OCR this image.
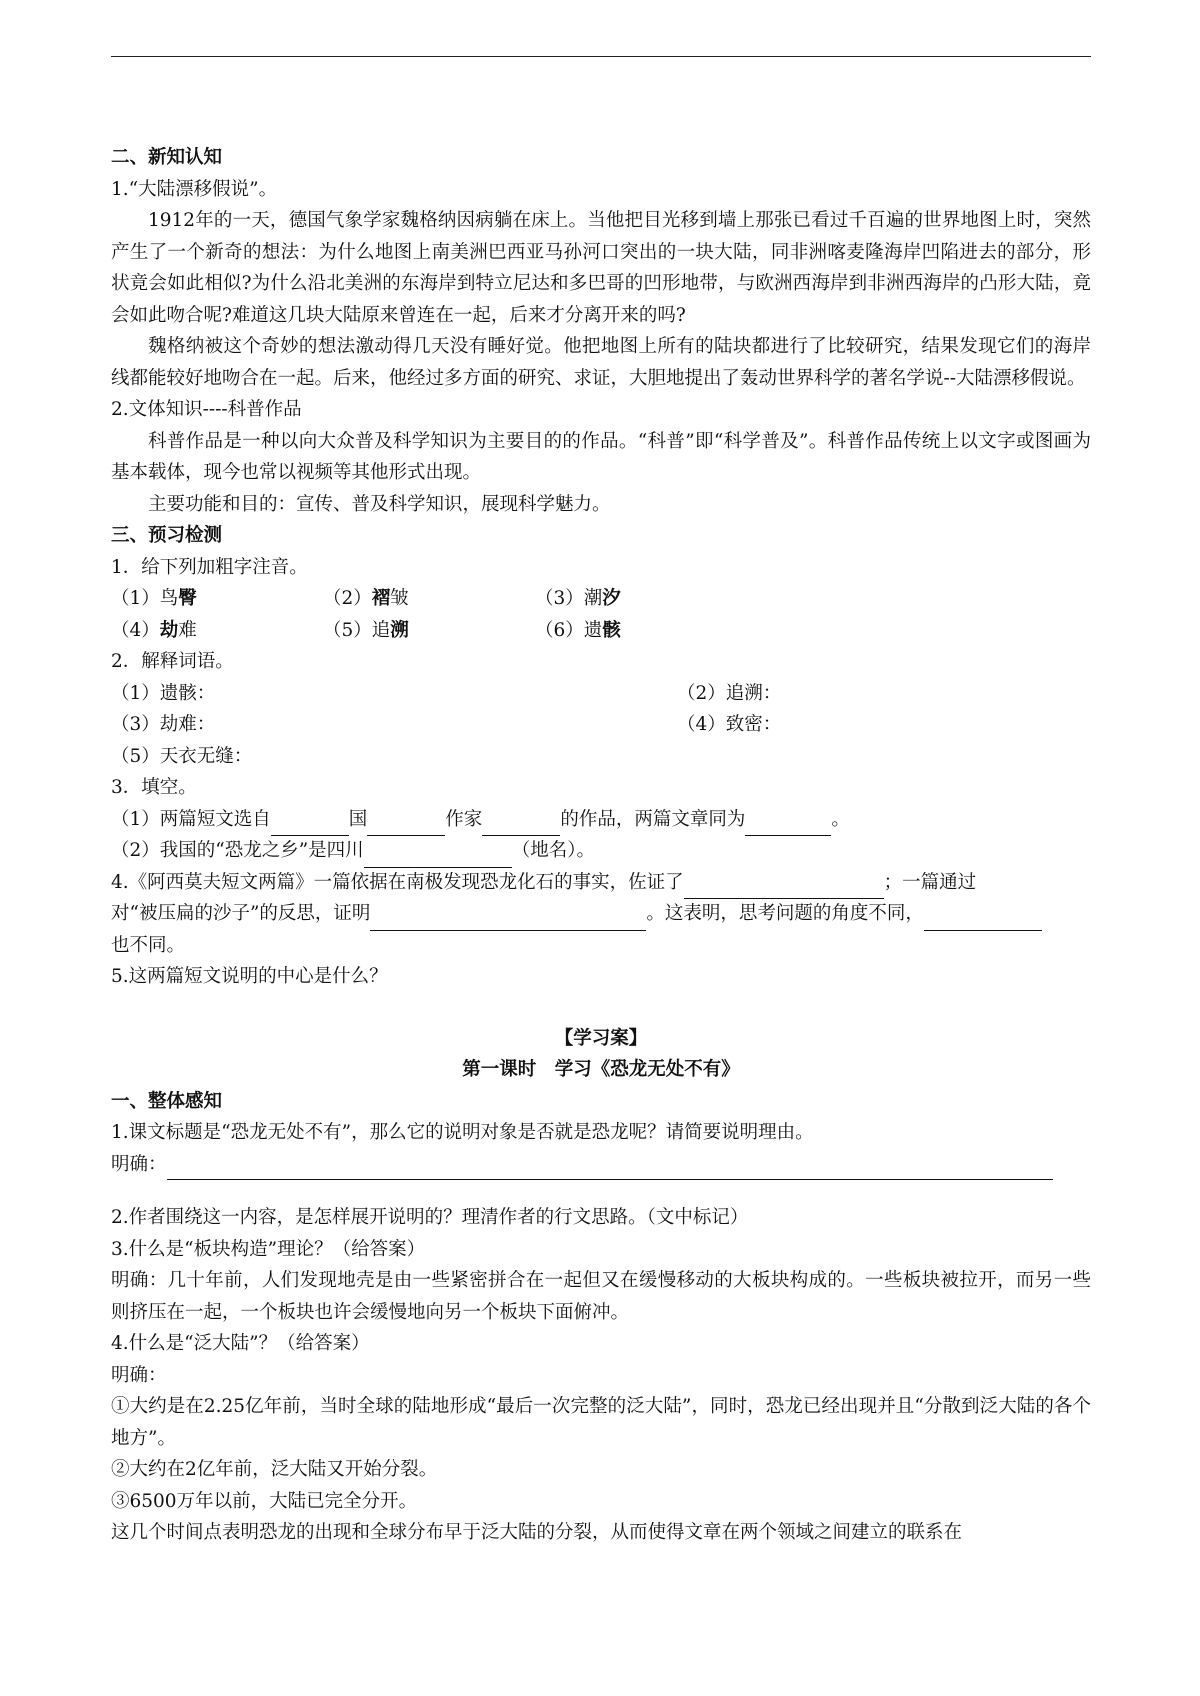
二、新知认知
1.“大陆漂移假说”。
1912年的一天，德国气象学家魏格纳因病躺在床上。当他把目光移到墙上那张已看过千百遍的世界地图上时，突然产生了一个新奇的想法：为什么地图上南美洲巴西亚马孙河口突出的一块大陆，同非洲喀麦隆海岸凹陷进去的部分，形状竟会如此相似?为什么沿北美洲的东海岸到特立尼达和多巴哥的凹形地带，与欧洲西海岸到非洲西海岸的凸形大陆，竟会如此吻合呢?难道这几块大陆原来曾连在一起，后来才分离开来的吗?
魏格纳被这个奇妙的想法激动得几天没有睡好觉。他把地图上所有的陆块都进行了比较研究，结果发现它们的海岸线都能较好地吻合在一起。后来，他经过多方面的研究、求证，大胆地提出了轰动世界科学的著名学说--大陆漂移假说。
2.文体知识----科普作品
科普作品是一种以向大众普及科学知识为主要目的的作品。“科普”即“科学普及”。科普作品传统上以文字或图画为基本载体，现今也常以视频等其他形式出现。
主要功能和目的：宣传、普及科学知识，展现科学魅力。
三、预习检测
1．给下列加粗字注音。
（1）鸟臀	（2）褶皱	（3）潮汐
（4）劫难	（5）追溯	（6）遗骸
2．解释词语。
（1）遗骸：	（2）追溯：
（3）劫难：	（4）致密：
（5）天衣无缝：
3．填空。
（1）两篇短文选自	国	作家	的作品，两篇文章同为	。
（2）我国的“恐龙之乡”是四川	（地名）。
4.《阿西莫夫短文两篇》一篇依据在南极发现恐龙化石的事实，佐证了	；一篇通过
对“被压扁的沙子”的反思，证明	。这表明，思考问题的角度不同，
也不同。
5.这两篇短文说明的中心是什么？
【学习案】
第一课时　学习《恐龙无处不有》
一、整体感知
1.课文标题是“恐龙无处不有”，那么它的说明对象是否就是恐龙呢？请简要说明理由。
明确：
2.作者围绕这一内容，是怎样展开说明的？理清作者的行文思路。（文中标记）
3.什么是“板块构造”理论？（给答案）
明确：几十年前，人们发现地壳是由一些紧密拼合在一起但又在缓慢移动的大板块构成的。一些板块被拉开，而另一些则挤压在一起，一个板块也许会缓慢地向另一个板块下面俯冲。
4.什么是“泛大陆”？（给答案）
明确：
①大约是在2.25亿年前，当时全球的陆地形成“最后一次完整的泛大陆”，同时，恐龙已经出现并且“分散到泛大陆的各个地方”。
②大约在2亿年前，泛大陆又开始分裂。
③6500万年以前，大陆已完全分开。
这几个时间点表明恐龙的出现和全球分布早于泛大陆的分裂，从而使得文章在两个领域之间建立的联系在
